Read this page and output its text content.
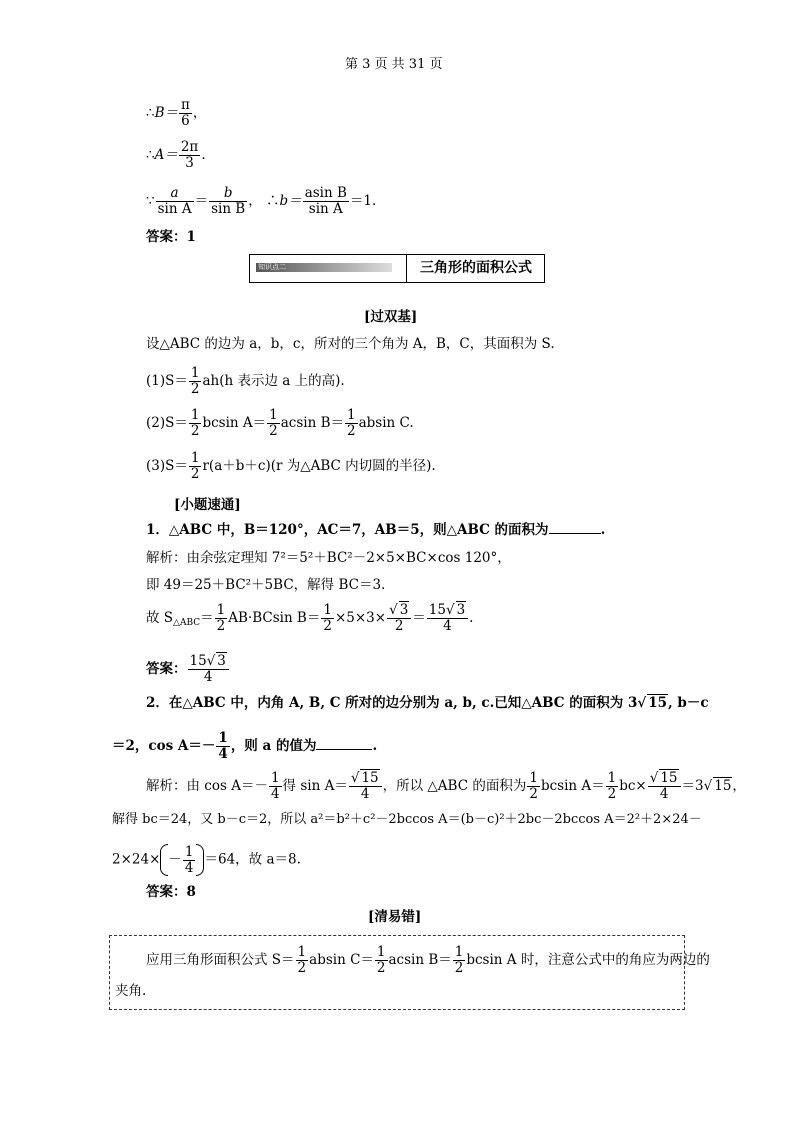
第 3 页 共 31 页
∴B＝ $\frac{\pi}{6}$ ，
∴A＝ $\frac{2\pi}{3}$ .
∵ $\frac{a}{\text{sin A}} = \frac{b}{\text{sin B}}$ ， ∴b＝ $\frac{\text{asin B}}{\text{sin A}} =1$.
答案：1
知识点二	三角形的面积公式
[过双基]
设△ABC 的边为 a，b，c，所对的三个角为 A，B，C，其面积为 S.
$(1)S= \frac{1}{2} ah(h$ 表示边 a 上的高).
$(2)S= \frac{1}{2}$ bcsin $A= \frac{1}{2}$ acsin $B= \frac{1}{2}$ absin C.
$(3)S= \frac{1}{2} r(a+b+c)(r$ 为△ABC 内切圆的半径).
[小题速通]
1．△ABC 中，B＝120°，AC＝7，AB＝5，则△ABC 的面积为	.
解析：由余弦定理知 7²＝5²＋BC²－2×5×BC×cos 120°，
即 49＝25＋BC²＋5BC，解得 BC＝3.
故 $S_{\triangle ABC}= \frac{1}{2} AB\cdot BCsin$ $B= \frac{1}{2} \times 5\times 3\times \frac{√ 3}{2} = \frac{15√ 3}{4}$ .
答案： $\frac{15√ 3}{4}$
2．在△ABC 中，内角 A, B, C 所对的边分别为 a, b, c.已知△ABC 的面积为 3√ 15, b－c
＝2，$\cos A=- \frac{1}{4}$ ，则 a 的值为	.
解析：由 $\cos A=- \frac{1}{4}$ 得 $\sin A= \frac{√ 15}{4}$ ，所以 △ABC 的面积为 $\frac{1}{2}$ bcsin $A= \frac{1}{2} bc\times \frac{√ 15}{4} =3√$ 15，
解得 bc＝24，又 b－c＝2，所以 a²＝b²＋c²－2bccos A＝(b－c)²＋2bc－2bccos A＝2²＋2×24－
$2\times 24\times - \frac{1}{4} =64$，故 a＝8.
答案：8
[清易错]
应用三角形面积公式 $S= \frac{1}{2}$ absin $C= \frac{1}{2}$ acsin $B= \frac{1}{2}$ bcsin A 时，注意公式中的角应为两边的
夹角.
